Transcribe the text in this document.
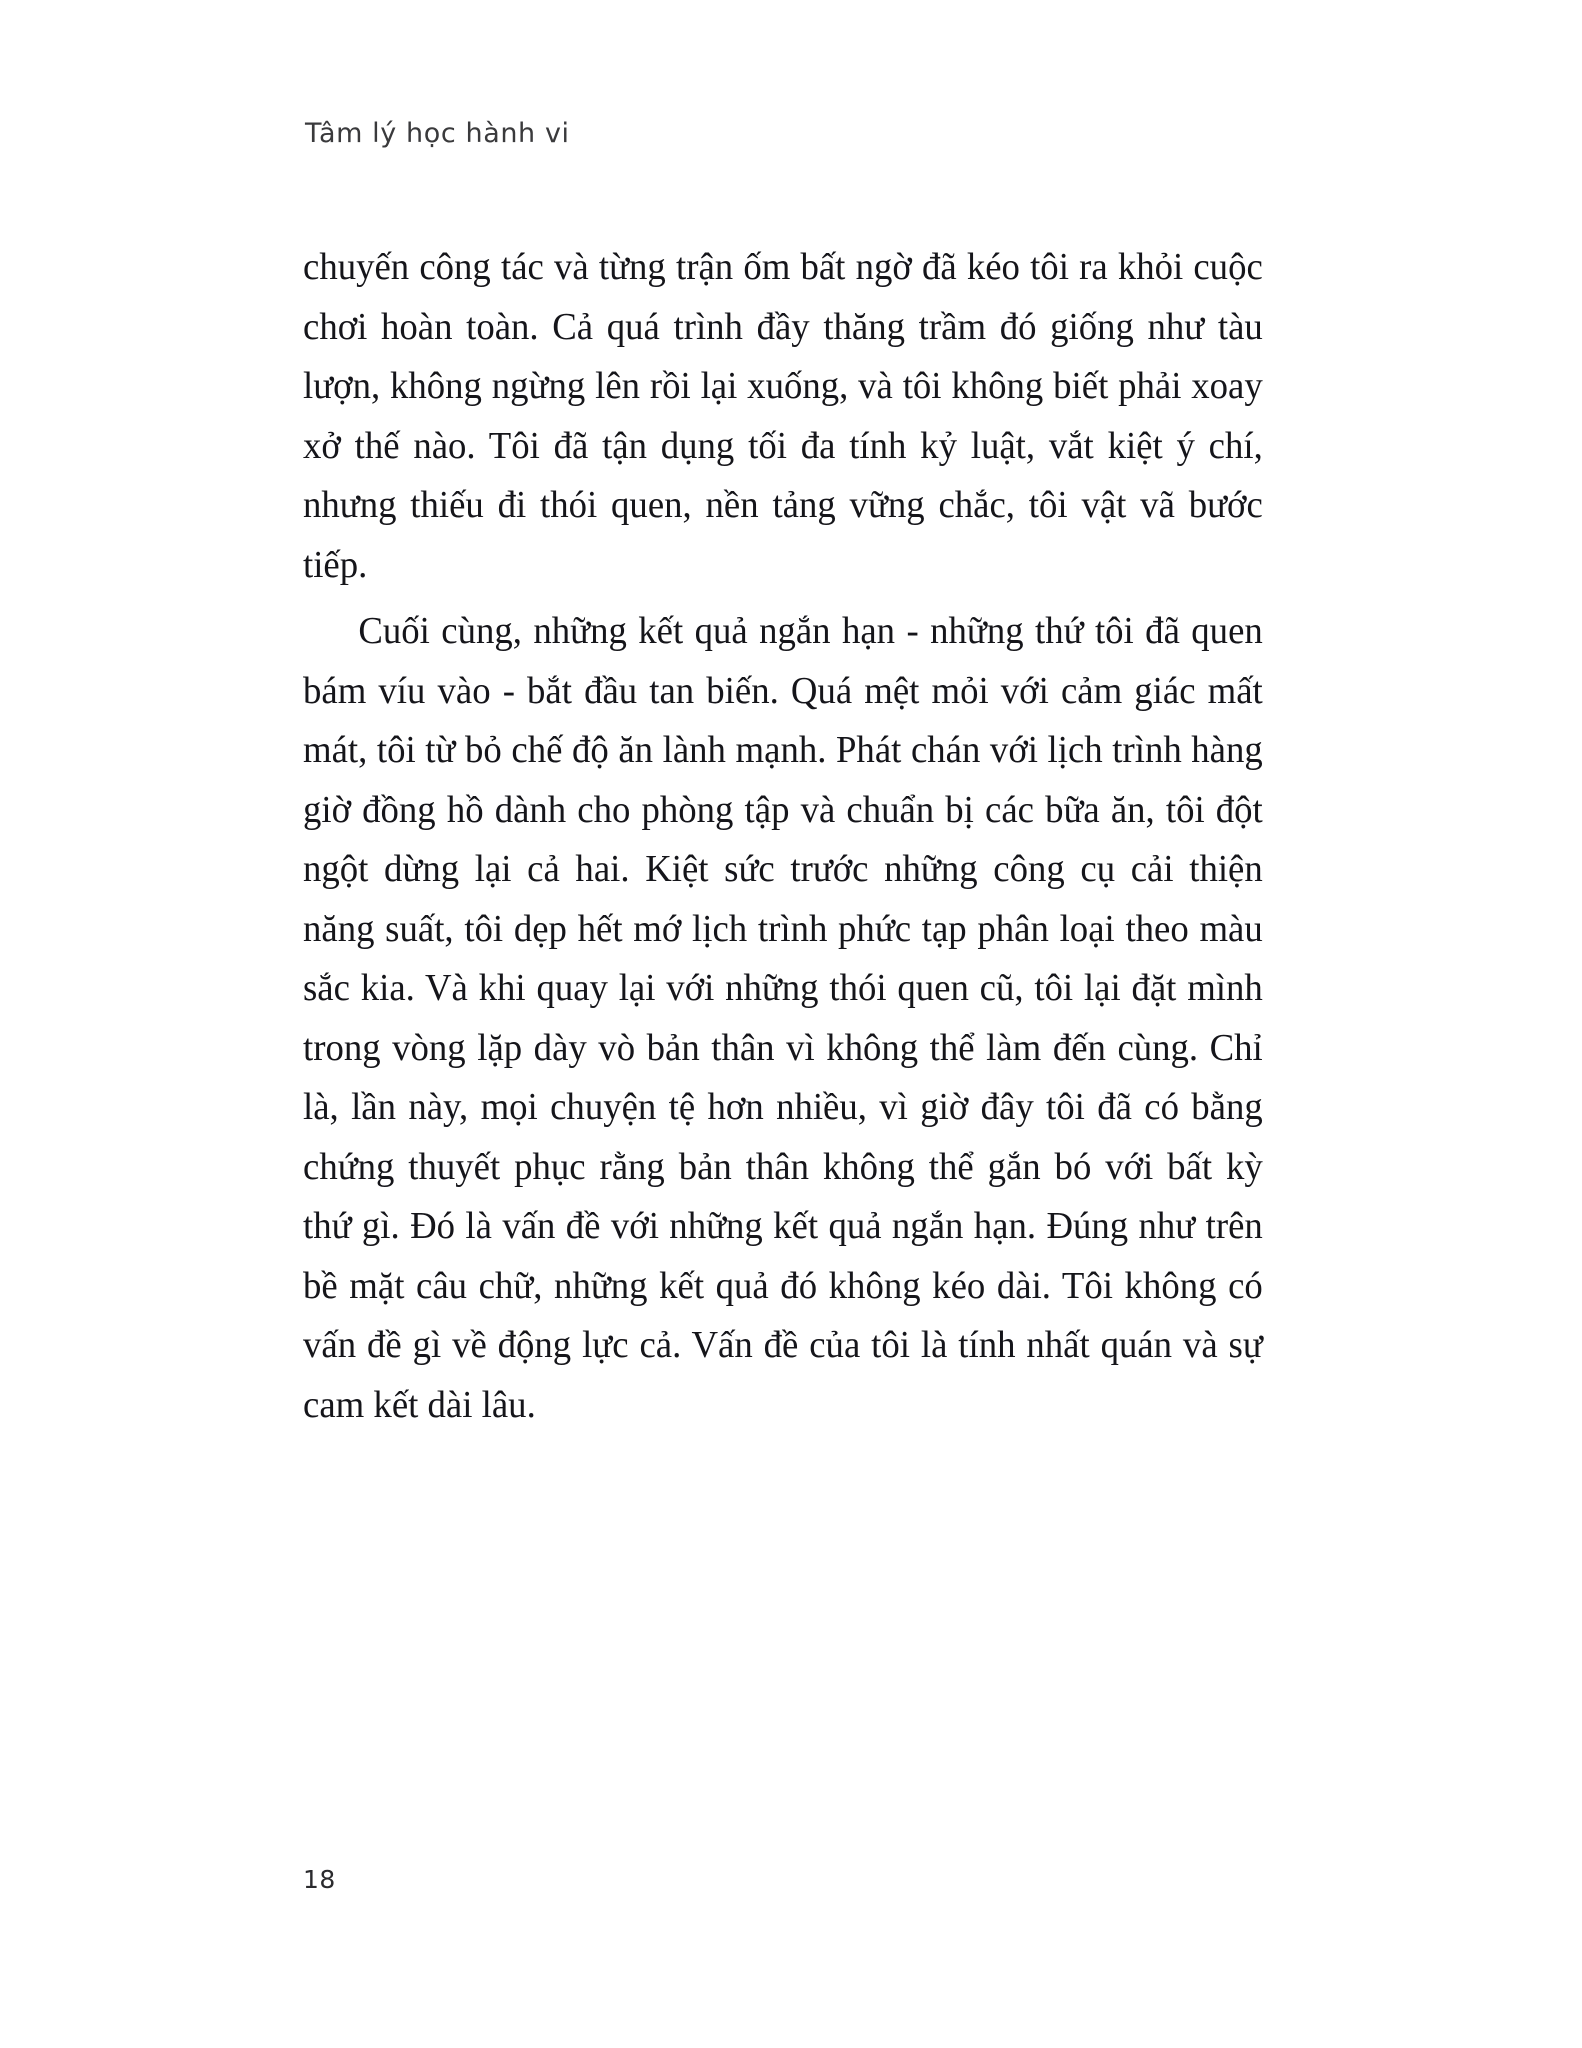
Tâm lý học hành vi

chuyến công tác và từng trận ốm bất ngờ đã kéo tôi ra khỏi cuộc chơi hoàn toàn. Cả quá trình đầy thăng trầm đó giống như tàu lượn, không ngừng lên rồi lại xuống, và tôi không biết phải xoay xở thế nào. Tôi đã tận dụng tối đa tính kỷ luật, vắt kiệt ý chí, nhưng thiếu đi thói quen, nền tảng vững chắc, tôi vật vã bước tiếp.

Cuối cùng, những kết quả ngắn hạn - những thứ tôi đã quen bám víu vào - bắt đầu tan biến. Quá mệt mỏi với cảm giác mất mát, tôi từ bỏ chế độ ăn lành mạnh. Phát chán với lịch trình hàng giờ đồng hồ dành cho phòng tập và chuẩn bị các bữa ăn, tôi đột ngột dừng lại cả hai. Kiệt sức trước những công cụ cải thiện năng suất, tôi dẹp hết mớ lịch trình phức tạp phân loại theo màu sắc kia. Và khi quay lại với những thói quen cũ, tôi lại đặt mình trong vòng lặp dày vò bản thân vì không thể làm đến cùng. Chỉ là, lần này, mọi chuyện tệ hơn nhiều, vì giờ đây tôi đã có bằng chứng thuyết phục rằng bản thân không thể gắn bó với bất kỳ thứ gì. Đó là vấn đề với những kết quả ngắn hạn. Đúng như trên bề mặt câu chữ, những kết quả đó không kéo dài. Tôi không có vấn đề gì về động lực cả. Vấn đề của tôi là tính nhất quán và sự cam kết dài lâu.

18
